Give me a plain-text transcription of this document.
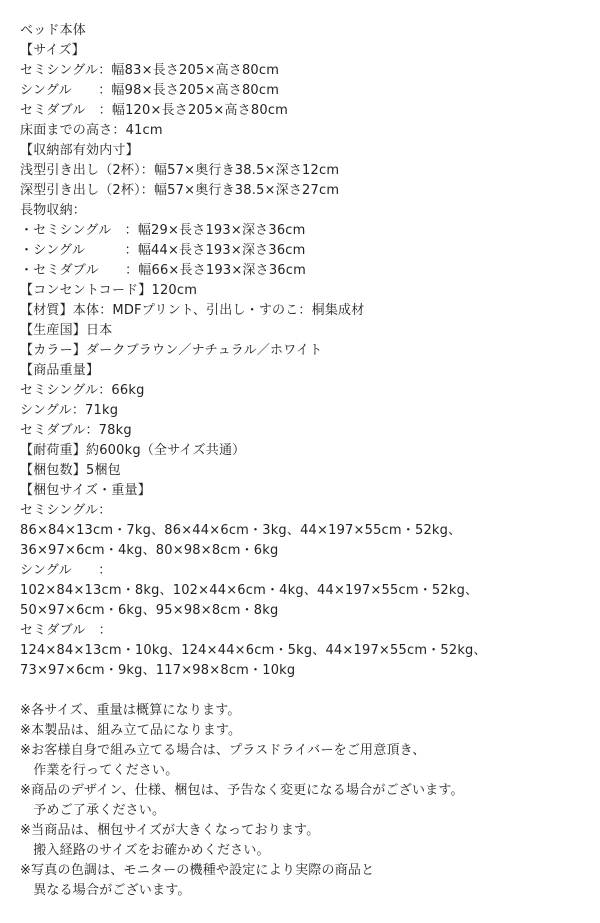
ベッド本体
【サイズ】
セミシングル：幅83×長さ205×高さ80cm
シングル　　：幅98×長さ205×高さ80cm
セミダブル　：幅120×長さ205×高さ80cm
床面までの高さ：41cm
【収納部有効内寸】
浅型引き出し（2杯）：幅57×奥行き38.5×深さ12cm
深型引き出し（2杯）：幅57×奥行き38.5×深さ27cm
長物収納：
・セミシングル　：幅29×長さ193×深さ36cm
・シングル　　　：幅44×長さ193×深さ36cm
・セミダブル　　：幅66×長さ193×深さ36cm
【コンセントコード】120cm
【材質】本体：MDFプリント、引出し・すのこ：桐集成材
【生産国】日本
【カラー】ダークブラウン／ナチュラル／ホワイト
【商品重量】
セミシングル：66kg
シングル：71kg
セミダブル：78kg
【耐荷重】約600kg（全サイズ共通）
【梱包数】5梱包
【梱包サイズ・重量】
セミシングル：
86×84×13cm・7kg、86×44×6cm・3kg、44×197×55cm・52kg、
36×97×6cm・4kg、80×98×8cm・6kg
シングル　　：
102×84×13cm・8kg、102×44×6cm・4kg、44×197×55cm・52kg、
50×97×6cm・6kg、95×98×8cm・8kg
セミダブル　：
124×84×13cm・10kg、124×44×6cm・5kg、44×197×55cm・52kg、
73×97×6cm・9kg、117×98×8cm・10kg
※各サイズ、重量は概算になります。
※本製品は、組み立て品になります。
※お客様自身で組み立てる場合は、プラスドライバーをご用意頂き、
　作業を行ってください。
※商品のデザイン、仕様、梱包は、予告なく変更になる場合がございます。
　予めご了承ください。
※当商品は、梱包サイズが大きくなっております。
　搬入経路のサイズをお確かめください。
※写真の色調は、モニターの機種や設定により実際の商品と
　異なる場合がございます。
